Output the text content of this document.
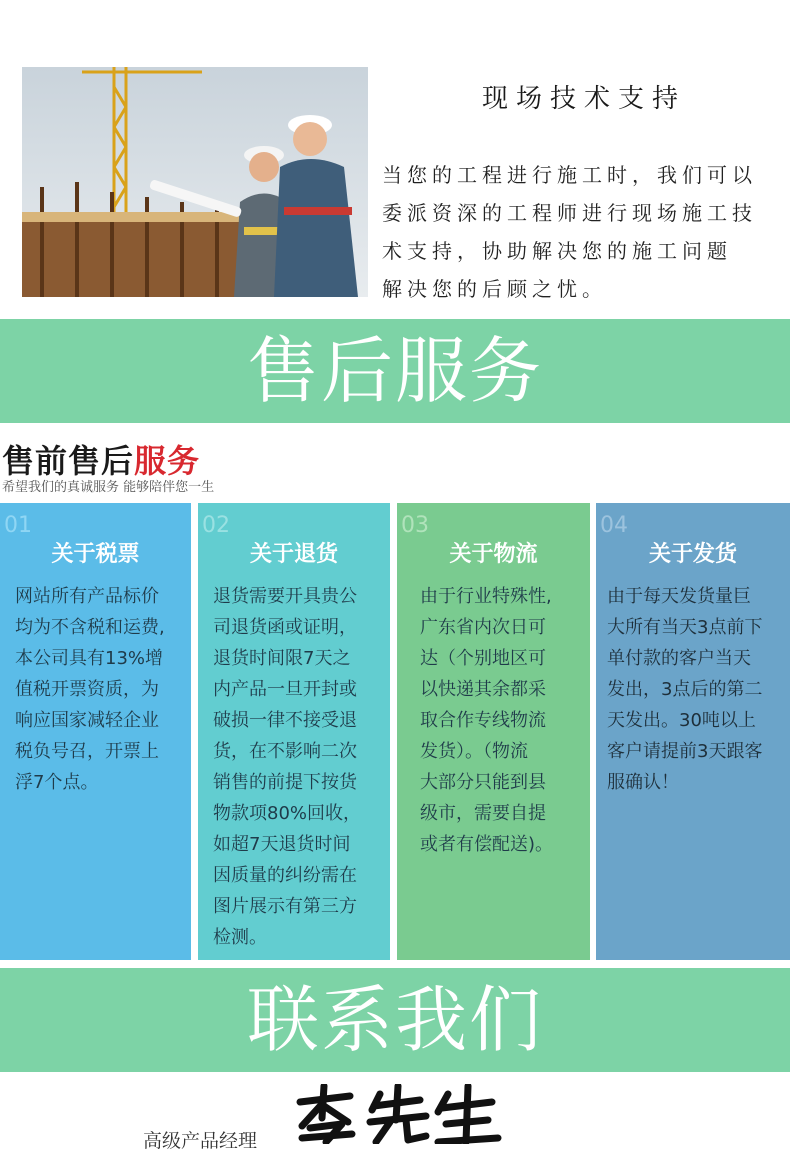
现场技术支持
当您的工程进行施工时，我们可以
委派资深的工程师进行现场施工技
术支持，协助解决您的施工问题
解决您的后顾之忧。
售后服务
售前售后服务
希望我们的真诚服务 能够陪伴您一生
01
关于税票
网站所有产品标价
均为不含税和运费,
本公司具有13%增
值税开票资质，为
响应国家减轻企业
税负号召，开票上
浮7个点。
02
关于退货
退货需要开具贵公
司退货函或证明，
退货时间限7天之
内产品一旦开封或
破损一律不接受退
货，在不影响二次
销售的前提下按货
物款项80%回收，
如超7天退货时间
因质量的纠纷需在
图片展示有第三方
检测。
03
关于物流
由于行业特殊性,
广东省内次日可
达（个别地区可
以快递其余都采
取合作专线物流
发货）。（物流
大部分只能到县
级市，需要自提
或者有偿配送)。
04
关于发货
由于每天发货量巨
大所有当天3点前下
单付款的客户当天
发出，3点后的第二
天发出。30吨以上
客户请提前3天跟客
服确认！
联系我们
高级产品经理
